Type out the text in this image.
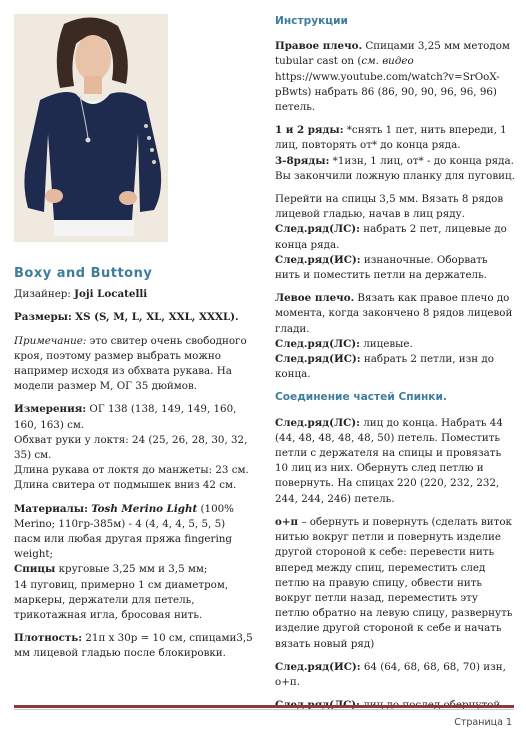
Boxy and Buttony

Дизайнер: Joji Locatelli

Размеры: XS (S, M, L, XL, XXL, XXXL).

Примечание: это свитер очень свободного кроя, поэтому размер выбрать можно например исходя из обхвата рукава. На модели размер M, ОГ 35 дюймов.

Измерения: ОГ 138 (138, 149, 149, 160, 160, 163) см.
Обхват руки у локтя: 24 (25, 26, 28, 30, 32, 35) см.
Длина рукава от локтя до манжеты: 23 см.
Длина свитера от подмышек вниз 42 см.

Материалы: Tosh Merino Light (100% Merino; 110гр-385м) - 4 (4, 4, 4, 5, 5, 5) пасм или любая другая пряжа fingering weight;
Спицы круговые 3,25 мм и 3,5 мм;
14 пуговиц, примерно 1 см диаметром, маркеры, держатели для петель, трикотажная игла, бросовая нить.

Плотность: 21п х 30р = 10 см, спицами3,5 мм лицевой гладью после блокировки.

Инструкции

Правое плечо. Спицами 3,25 мм методом tubular cast on (см. видео https://www.youtube.com/watch?v=SrOoX-pBwts) набрать 86 (86, 90, 90, 96, 96, 96) петель.

1 и 2 ряды: *снять 1 пет, нить впереди, 1 лиц, повторять от* до конца ряда.
3-8ряды: *1изн, 1 лиц, от* - до конца ряда. Вы закончили ложную планку для пуговиц.

Перейти на спицы 3,5 мм. Вязать 8 рядов лицевой гладью, начав в лиц ряду.
След.ряд(ЛС): набрать 2 пет, лицевые до конца ряда.
След.ряд(ИС): изнаночные. Оборвать нить и поместить петли на держатель.

Левое плечо. Вязать как правое плечо до момента, когда закончено 8 рядов лицевой глади.
След.ряд(ЛС): лицевые.
След.ряд(ИС): набрать 2 петли, изн до конца.

Соединение частей Спинки.

След.ряд(ЛС): лиц до конца. Набрать 44 (44, 48, 48, 48, 48, 50) петель. Поместить петли с держателя на спицы и провязать 10 лиц из них. Обернуть след петлю и повернуть. На спицах 220 (220, 232, 232, 244, 244, 246) петель.

о+п – обернуть и повернуть (сделать виток нитью вокруг петли и повернуть изделие другой стороной к себе: перевести нить вперед между спиц, переместить след петлю на правую спицу, обвести нить вокруг петли назад, переместить эту петлю обратно на левую спицу, развернуть изделие другой стороной к себе и начать вязать новый ряд)

След.ряд(ИС): 64 (64, 68, 68, 68, 70) изн, о+п.

Страница 1
